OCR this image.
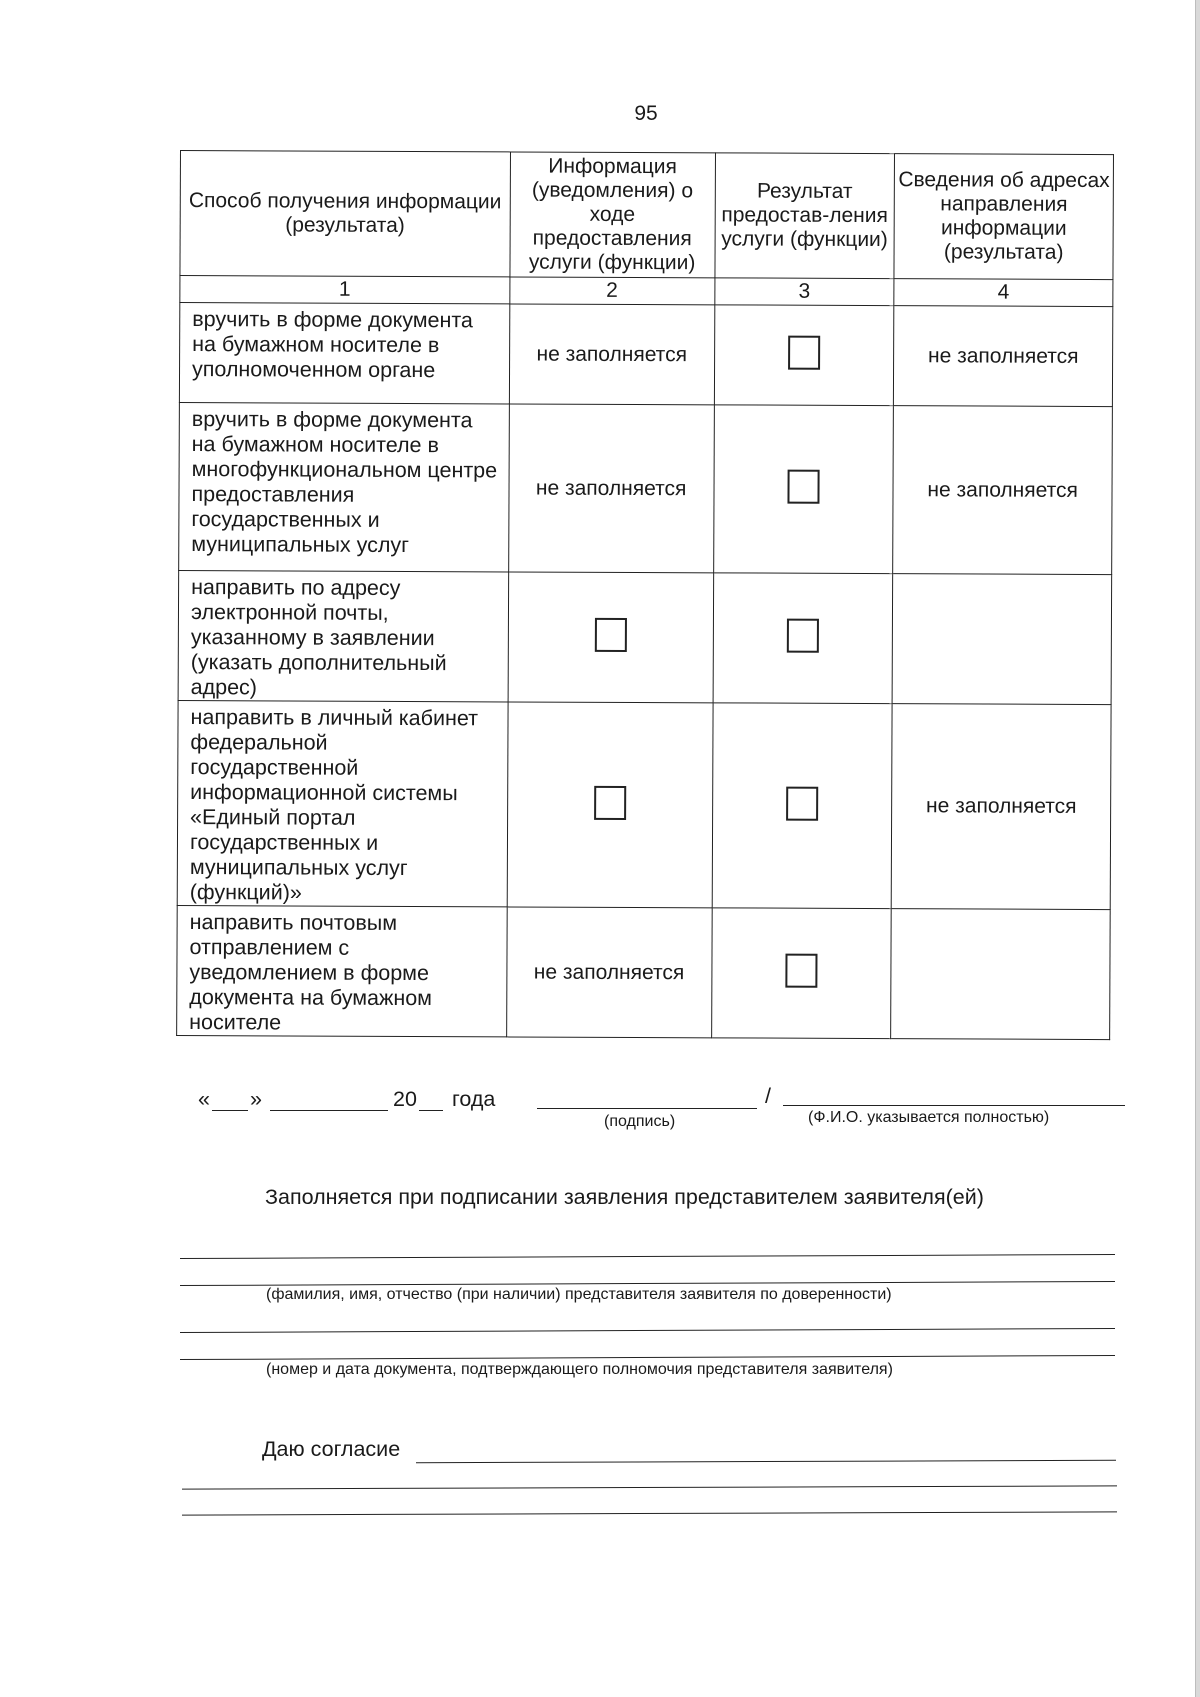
95
Способ получения информации (результата)	Информация (уведомления) о ходе предоставления услуги (функции)	Результат предостав-ления услуги (функции)	Сведения об адресах направления информации (результата)
1	2	3	4
вручить в форме документа на бумажном носителе в уполномоченном органе	не заполняется		не заполняется
вручить в форме документа на бумажном носителе в многофункциональном центре предоставления государственных и муниципальных услуг	не заполняется		не заполняется
направить по адресу электронной почты, указанному в заявлении (указать дополнительный адрес)			
направить в личный кабинет федеральной государственной информационной системы «Единый портал государственных и муниципальных услуг (функций)»			не заполняется
направить почтовым отправлением с уведомлением в форме документа на бумажном носителе	не заполняется		
« »	20 года
(подпись)
/
(Ф.И.О. указывается полностью)
Заполняется при подписании заявления представителем заявителя(ей)
(фамилия, имя, отчество (при наличии) представителя заявителя по доверенности)
(номер и дата документа, подтверждающего полномочия представителя заявителя)
Даю согласие
